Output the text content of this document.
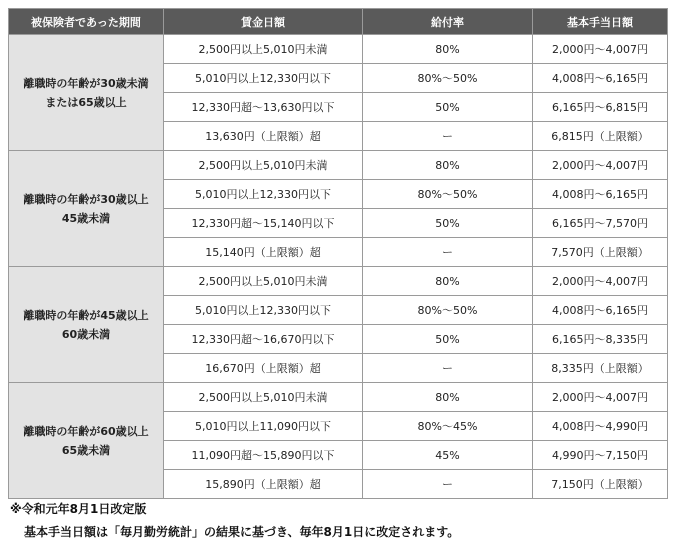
被保険者であった期間	賃金日額	給付率	基本手当日額

離職時の年齢が30歳未満
または65歳以上	2,500円以上5,010円未満	80%	2,000円～4,007円
	5,010円以上12,330円以下	80%～50%	4,008円～6,165円
	12,330円超～13,630円以下	50%	6,165円～6,815円
	13,630円（上限額）超	ー	6,815円（上限額）

離職時の年齢が30歳以上
45歳未満	2,500円以上5,010円未満	80%	2,000円～4,007円
	5,010円以上12,330円以下	80%～50%	4,008円～6,165円
	12,330円超～15,140円以下	50%	6,165円～7,570円
	15,140円（上限額）超	ー	7,570円（上限額）

離職時の年齢が45歳以上
60歳未満	2,500円以上5,010円未満	80%	2,000円～4,007円
	5,010円以上12,330円以下	80%～50%	4,008円～6,165円
	12,330円超～16,670円以下	50%	6,165円～8,335円
	16,670円（上限額）超	ー	8,335円（上限額）

離職時の年齢が60歳以上
65歳未満	2,500円以上5,010円未満	80%	2,000円～4,007円
	5,010円以上11,090円以下	80%～45%	4,008円～4,990円
	11,090円超～15,890円以下	45%	4,990円～7,150円
	15,890円（上限額）超	ー	7,150円（上限額）
※令和元年8月1日改定版
基本手当日額は「毎月勤労統計」の結果に基づき、毎年8月1日に改定されます。
